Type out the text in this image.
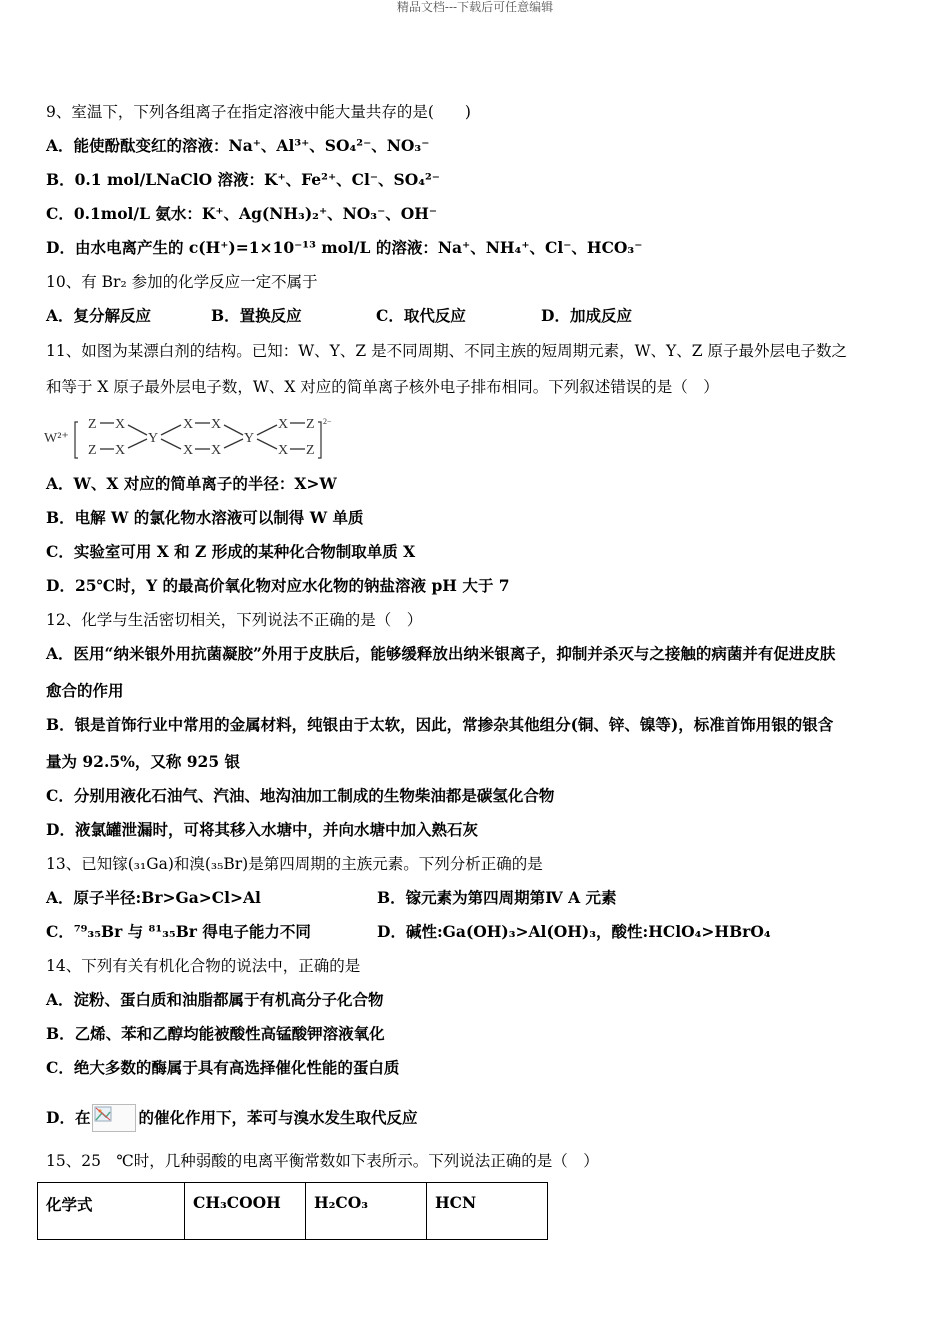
精品文档---下载后可任意编辑
9、室温下，下列各组离子在指定溶液中能大量共存的是(　　)
A．能使酚酞变红的溶液：Na⁺、Al³⁺、SO₄²⁻、NO₃⁻
B．0.1 mol/LNaClO 溶液：K⁺、Fe²⁺、Cl⁻、SO₄²⁻
C．0.1mol/L 氨水：K⁺、Ag(NH₃)₂⁺、NO₃⁻、OH⁻
D．由水电离产生的 c(H⁺)=1×10⁻¹³ mol/L 的溶液：Na⁺、NH₄⁺、Cl⁻、HCO₃⁻
10、有 Br₂ 参加的化学反应一定不属于
A．复分解反应	B．置换反应	C．取代反应	D．加成反应
11、如图为某漂白剂的结构。已知：W、Y、Z 是不同周期、不同主族的短周期元素，W、Y、Z 原子最外层电子数之
和等于 X 原子最外层电子数，W、X 对应的简单离子核外电子排布相同。下列叙述错误的是（　）
W²⁺
Z X
Z X
Y
X X
X X
Y
X Z
X Z
2−
A．W、X 对应的简单离子的半径：X>W
B．电解 W 的氯化物水溶液可以制得 W 单质
C．实验室可用 X 和 Z 形成的某种化合物制取单质 X
D．25℃时，Y 的最高价氧化物对应水化物的钠盐溶液 pH 大于 7
12、化学与生活密切相关，下列说法不正确的是（　）
A．医用“纳米银外用抗菌凝胶”外用于皮肤后，能够缓释放出纳米银离子，抑制并杀灭与之接触的病菌并有促进皮肤
愈合的作用
B．银是首饰行业中常用的金属材料，纯银由于太软，因此，常掺杂其他组分(铜、锌、镍等)，标准首饰用银的银含
量为 92.5%，又称 925 银
C．分别用液化石油气、汽油、地沟油加工制成的生物柴油都是碳氢化合物
D．液氯罐泄漏时，可将其移入水塘中，并向水塘中加入熟石灰
13、已知镓(₃₁Ga)和溴(₃₅Br)是第四周期的主族元素。下列分析正确的是
A．原子半径:Br>Ga>Cl>Al	B．镓元素为第四周期第Ⅳ A 元素
C．⁷⁹₃₅Br 与 ⁸¹₃₅Br 得电子能力不同	D．碱性:Ga(OH)₃>Al(OH)₃，酸性:HClO₄>HBrO₄
14、下列有关有机化合物的说法中，正确的是
A．淀粉、蛋白质和油脂都属于有机高分子化合物
B．乙烯、苯和乙醇均能被酸性高锰酸钾溶液氧化
C．绝大多数的酶属于具有高选择催化性能的蛋白质
D．在	的催化作用下，苯可与溴水发生取代反应
15、25　℃时，几种弱酸的电离平衡常数如下表所示。下列说法正确的是（　）
化学式	CH₃COOH	H₂CO₃	HCN
